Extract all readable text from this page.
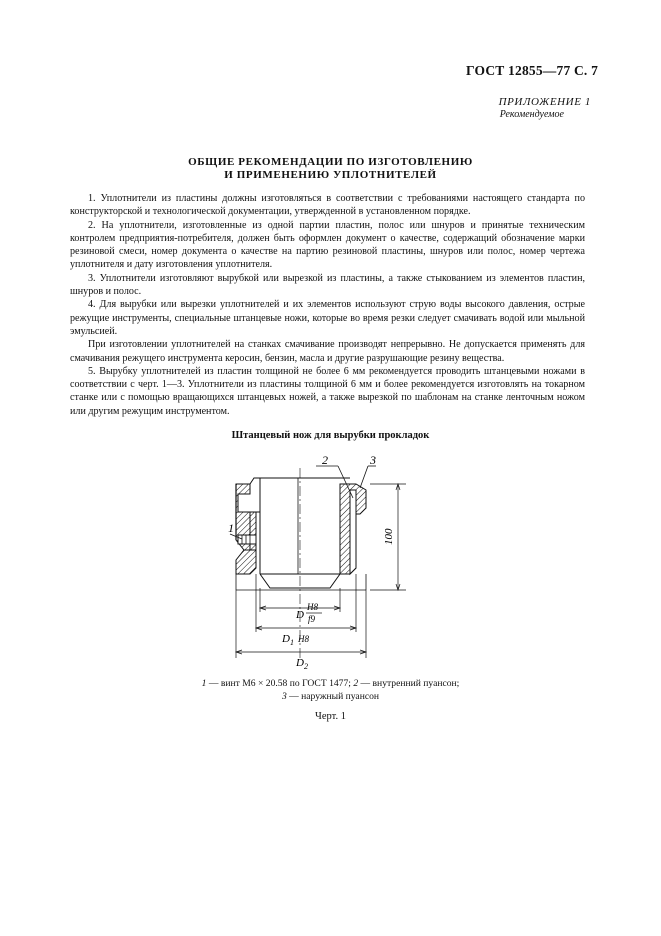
ГОСТ 12855—77 С. 7
ПРИЛОЖЕНИЕ 1
Рекомендуемое
ОБЩИЕ РЕКОМЕНДАЦИИ ПО ИЗГОТОВЛЕНИЮ
И ПРИМЕНЕНИЮ УПЛОТНИТЕЛЕЙ

1. Уплотнители из пластины должны изготовляться в соответствии с требованиями настоящего стандарта по конструкторской и технологической документации, утвержденной в установленном порядке.

2. На уплотнители, изготовленные из одной партии пластин, полос или шнуров и принятые техническим контролем предприятия-потребителя, должен быть оформлен документ о качестве, содержащий обозначение марки резиновой смеси, номер документа о качестве на партию резиновой пластины, шнуров или полос, номер чертежа уплотнителя и дату изготовления уплотнителя.

3. Уплотнители изготовляют вырубкой или вырезкой из пластины, а также стыкованием из элементов пластин, шнуров и полос.

4. Для вырубки или вырезки уплотнителей и их элементов используют струю воды высокого давления, острые режущие инструменты, специальные штанцевые ножи, которые во время резки следует смачивать водой или мыльной эмульсией.

При изготовлении уплотнителей на станках смачивание производят непрерывно. Не допускается применять для смачивания режущего инструмента керосин, бензин, масла и другие разрушающие резину вещества.

5. Вырубку уплотнителей из пластин толщиной не более 6 мм рекомендуется проводить штанцевыми ножами в соответствии с черт. 1—3. Уплотнители из пластины толщиной 6 мм и более рекомендуется изготовлять на токарном станке или с помощью вращающихся штанцевых ножей, а также вырезкой по шаблонам на станке ленточным ножом или другим режущим инструментом.

Штанцевый нож для вырубки прокладок
1
2	3
100
D
H8
f9
D 1 H8
D 2
1 — винт М6 × 20.58 по ГОСТ 1477; 2 — внутренний пуансон;
3 — наружный пуансон
Черт. 1
